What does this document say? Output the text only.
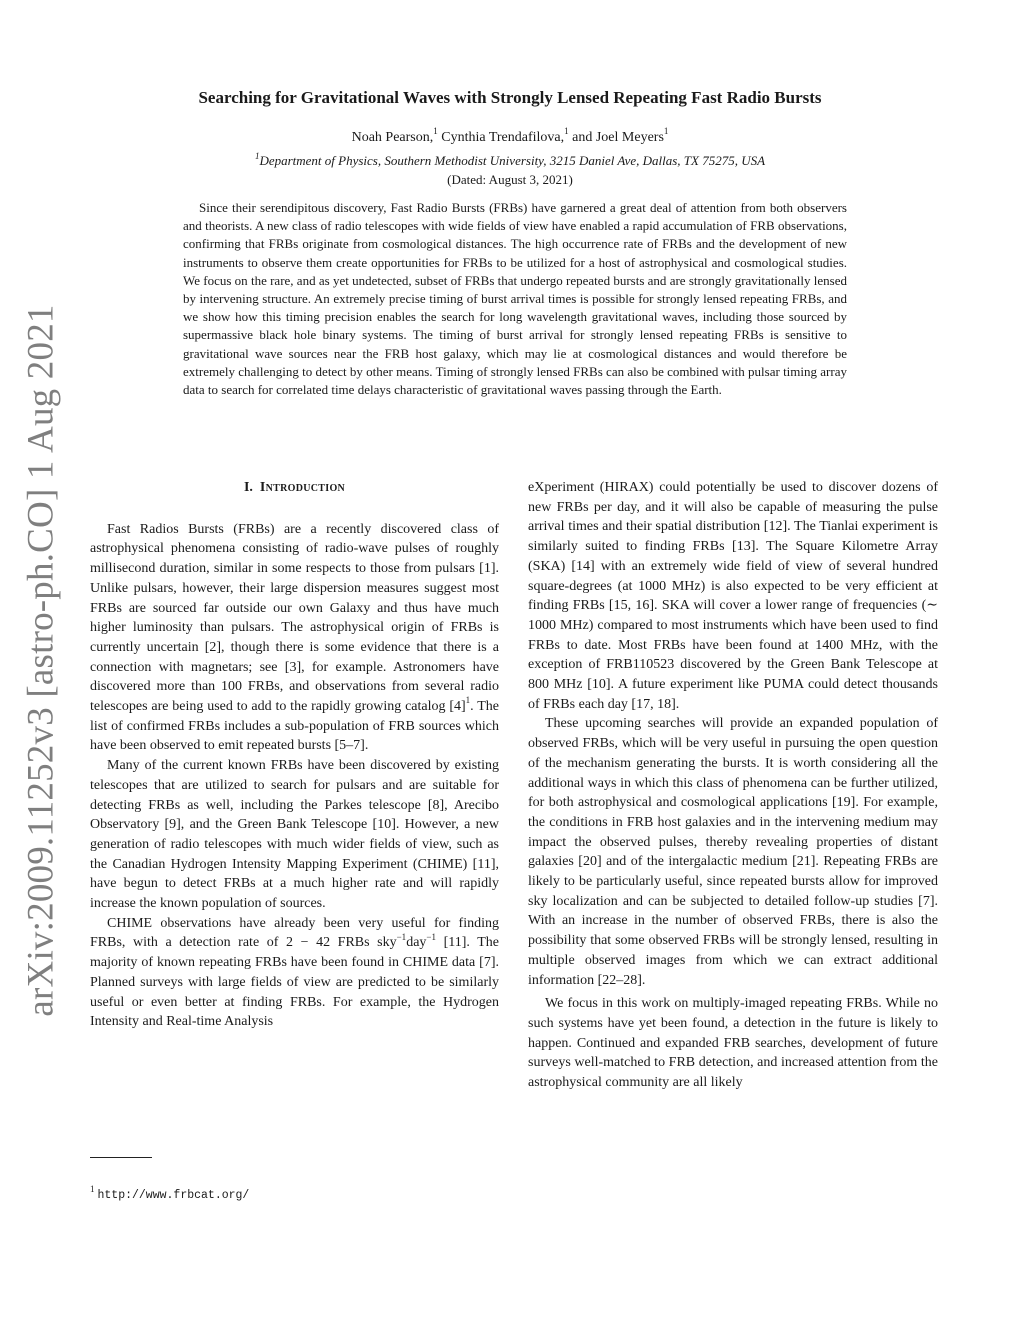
arXiv:2009.11252v3 [astro-ph.CO] 1 Aug 2021
Searching for Gravitational Waves with Strongly Lensed Repeating Fast Radio Bursts
Noah Pearson,$^1$ Cynthia Trendafilova,$^1$ and Joel Meyers$^1$
$^1$Department of Physics, Southern Methodist University, 3215 Daniel Ave, Dallas, TX 75275, USA
(Dated: August 3, 2021)

Since their serendipitous discovery, Fast Radio Bursts (FRBs) have garnered a great deal of attention from both observers and theorists. A new class of radio telescopes with wide fields of view have enabled a rapid accumulation of FRB observations, confirming that FRBs originate from cosmological distances. The high occurrence rate of FRBs and the development of new instruments to observe them create opportunities for FRBs to be utilized for a host of astrophysical and cosmological studies. We focus on the rare, and as yet undetected, subset of FRBs that undergo repeated bursts and are strongly gravitationally lensed by intervening structure. An extremely precise timing of burst arrival times is possible for strongly lensed repeating FRBs, and we show how this timing precision enables the search for long wavelength gravitational waves, including those sourced by supermassive black hole binary systems. The timing of burst arrival for strongly lensed repeating FRBs is sensitive to gravitational wave sources near the FRB host galaxy, which may lie at cosmological distances and would therefore be extremely challenging to detect by other means. Timing of strongly lensed FRBs can also be combined with pulsar timing array data to search for correlated time delays characteristic of gravitational waves passing through the Earth.

I. Introduction

Fast Radios Bursts (FRBs) are a recently discovered class of astrophysical phenomena consisting of radio-wave pulses of roughly millisecond duration, similar in some respects to those from pulsars [1]. Unlike pulsars, however, their large dispersion measures suggest most FRBs are sourced far outside our own Galaxy and thus have much higher luminosity than pulsars. The astrophysical origin of FRBs is currently uncertain [2], though there is some evidence that there is a connection with magnetars; see [3], for example. Astronomers have discovered more than 100 FRBs, and observations from several radio telescopes are being used to add to the rapidly growing catalog $[4]^1$. The list of confirmed FRBs includes a sub-population of FRB sources which have been observed to emit repeated bursts [5–7].

Many of the current known FRBs have been discovered by existing telescopes that are utilized to search for pulsars and are suitable for detecting FRBs as well, including the Parkes telescope [8], Arecibo Observatory [9], and the Green Bank Telescope [10]. However, a new generation of radio telescopes with much wider fields of view, such as the Canadian Hydrogen Intensity Mapping Experiment (CHIME) [11], have begun to detect FRBs at a much higher rate and will rapidly increase the known population of sources.

CHIME observations have already been very useful for finding FRBs, with a detection rate of 2 − 42 FRBs sky$^{-1}$day$^{-1}$ [11]. The majority of known repeating FRBs have been found in CHIME data [7]. Planned surveys with large fields of view are predicted to be similarly useful or even better at finding FRBs. For example, the Hydrogen Intensity and Real-time Analysis

eXperiment (HIRAX) could potentially be used to discover dozens of new FRBs per day, and it will also be capable of measuring the pulse arrival times and their spatial distribution [12]. The Tianlai experiment is similarly suited to finding FRBs [13]. The Square Kilometre Array (SKA) [14] with an extremely wide field of view of several hundred square-degrees (at 1000 MHz) is also expected to be very efficient at finding FRBs [15, 16]. SKA will cover a lower range of frequencies (∼ 1000 MHz) compared to most instruments which have been used to find FRBs to date. Most FRBs have been found at 1400 MHz, with the exception of FRB110523 discovered by the Green Bank Telescope at 800 MHz [10]. A future experiment like PUMA could detect thousands of FRBs each day [17, 18].

These upcoming searches will provide an expanded population of observed FRBs, which will be very useful in pursuing the open question of the mechanism generating the bursts. It is worth considering all the additional ways in which this class of phenomena can be further utilized, for both astrophysical and cosmological applications [19]. For example, the conditions in FRB host galaxies and in the intervening medium may impact the observed pulses, thereby revealing properties of distant galaxies [20] and of the intergalactic medium [21]. Repeating FRBs are likely to be particularly useful, since repeated bursts allow for improved sky localization and can be subjected to detailed follow-up studies [7]. With an increase in the number of observed FRBs, there is also the possibility that some observed FRBs will be strongly lensed, resulting in multiple observed images from which we can extract additional information [22–28].

We focus in this work on multiply-imaged repeating FRBs. While no such systems have yet been found, a detection in the future is likely to happen. Continued and expanded FRB searches, development of future surveys well-matched to FRB detection, and increased attention from the astrophysical community are all likely

$^1$ http://www.frbcat.org/
